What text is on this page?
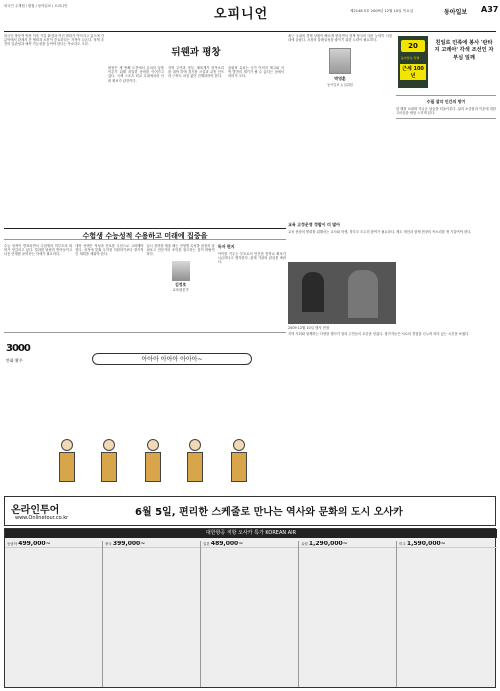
외국인 주재원 / 편집 / 동아일보 / 오피니언
오피니언	제2148 5호 2009년 12월 10일 목요일	동아일보 A37

외국인 방문객 방한 이후 기업 환경과 여건 변화가 이어지고 있으며 각 분야에서 관계자 간 협력과 소통이 중요하다는 지적이 나온다. 정책 추진의 일관성과 예측 가능성을 높여야 한다는 목소리도 크다.

뒤웬과 평창

평창은 세 번째 도전에서 유치의 꿈을 이루기 위해 치밀한 준비를 이어가고 있다. 국제 스포츠 외교 무대에서의 신뢰 확보가 관건이다.

지역 주민과 정부, 체육계가 한목소리를 내야 하며 경기장 시설과 교통 인프라 구축도 차질 없이 진행되어야 한다.

올림픽 유치는 국가 이미지 제고와 지역 발전의 계기가 될 수 있다는 점에서 의미가 크다.

최근 국내외 경제 상황이 빠르게 변하면서 정책 당국의 대응 능력이 시험대에 올랐다. 시장의 불확실성을 줄이기 위한 노력이 필요하다.

박영훈
동아일보 논설위원
20
동아일보 특별
근세 100년
친일로 민족에 봉사 '판타지 고레아' 각색 조선인 자부심 일깨
수필 설악 인간의 향기

한 해를 보내며 지나온 날들을 되돌아본다. 삶의 소중함과 이웃에 대한 고마움을 새삼 느끼게 된다.

수험생 수능성적 수용하고 미래에 집중을

수능 성적이 발표되면서 수험생과 학부모의 희비가 엇갈리고 있다. 결과를 담담히 받아들이고 다음 단계를 준비하는 자세가 필요하다.

대학 선택은 적성과 진로를 우선으로 고려해야 한다. 성적에 맞춰 무작정 지원하기보다 장기적인 계획을 세워야 한다.

입시 전략을 세울 때는 전형별 특성을 꼼꼼히 살펴보고 전문가의 조언을 참고하는 것이 바람직하다.

김정호
교육평론가
독자 편지

아이를 키우는 부모로서 안전한 통학로 확보가 시급하다고 생각한다. 관계 기관의 관심을 바란다.

교육 고정운영 정발이 더 많아

교육 현장의 변화를 위해서는 교사와 학생, 학부모 모두의 참여가 필요하다. 제도 개선과 함께 현장의 목소리를 귀 기울여야 한다.

2009 12월 10일 행사 현장

지역 사회와 함께하는 다양한 행사가 열려 주민들의 호응을 얻었다. 참가자들은 서로의 경험을 나누며 의미 있는 시간을 보냈다.

3000
만화 황주	아아아 아아아 아아아~
온라인투어
www.Onlinetour.co.kr	6월 5일, 편리한 스케줄로 만나는 역사와 문화의 도시 오사카
대한항공 직항 오사카 특가 KOREAN AIR
동남아 499,000~	중국 399,000~	일본 489,000~	유럽 1,290,000~	미주 1,590,000~
